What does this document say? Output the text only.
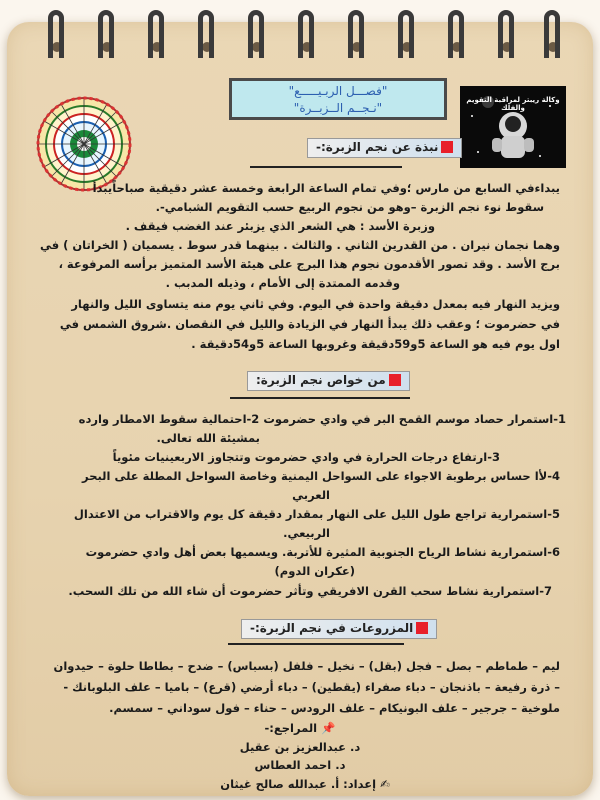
"فصـــل الربـيـــــع"
"نـجــم الــزبــرة"
وكالة ريبتر لمراقبة التقويم والفلك
نبذة عن نجم الزبرة:-
يبداءفي السابع من مارس ؛وفي تمام الساعة الرابعة وخمسة عشر دقيقية صباحاًيبدأ
سقوط نوء نجم الزبرة –وهو من نجوم الربيع حسب التقويم الشبامي-.
وزبرة الأسد : هي الشعر الذي يزبئر عند الغضب فيقف .
وهما نجمان نيران . من القدرين الثاني . والثالث . بينهما قدر سوط . يسميان ( الخراتان ) في
برج الأسد . وقد تصور الأقدمون نجوم هذا البرج على هيئة الأسد المتميز برأسه المرفوعة ،
وقدمه الممتدة إلى الأمام ، وذيله المدبب .
ويزيد النهار فيه بمعدل دقيقة واحدة في اليوم. وفي ثاني يوم منه يتساوى الليل والنهار
في حضرموت ؛ وعقب ذلك يبدأ النهار في الزيادة والليل في النقصان .شروق الشمس في
اول يوم فيه هو الساعة 5و59دقيقة وغروبها الساعة 5و54دقيقة .
من خواص نجم الزبرة:
1-استمرار حصاد موسم القمح البر في وادي حضرموت 2-احتمالية سقوط الامطار وارده
بمشيئة الله تعالى.
3-ارتفاع درجات الحرارة في وادي حضرموت وتتجاوز الاربعينيات مئوياً
4-لأا حساس برطوبة الاجواء على السواحل اليمنية وخاصة السواحل المطلة على البحر
العربي
5-استمرارية تراجع طول الليل على النهار بمقدار دقيقة كل يوم والاقتراب من الاعتدال
الربيعي.
6-استمرارية نشاط الرياح الجنوبية المثيرة للأتربة. ويسميها بعض أهل وادي حضرموت
(عكران الدوم)
7-استمرارية نشاط سحب القرن الافريقي وتأثر حضرموت أن شاء الله من تلك السحب.
المزروعات في نجم الزبرة:-
ليم – طماطم – بصل – فجل (بقل) – نخيل – فلفل (بسباس) – ضدح – بطاطا حلوة – حيدوان
– ذرة رفيعة – باذنجان – دباء صفراء (يقطين) – دباء أرضي (قرع) – باميا – علف البلوبانك -
ملوخية – جرجير – علف البونيكام – علف الرودس – حناء – فول سوداني – سمسم.
📌 المراجع:-
د. عبدالعزيز بن عقيل
د. احمد العطاس
✍ إعداد: أ. عبدالله صالح غيثان
